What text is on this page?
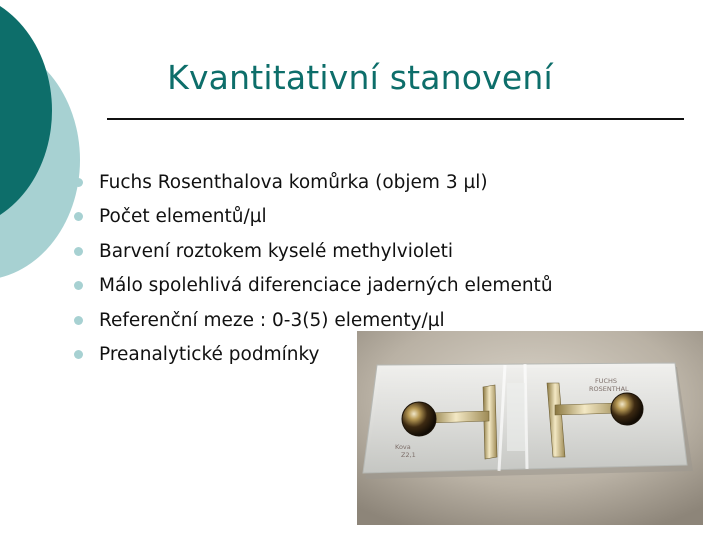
Kvantitativní stanovení
Fuchs Rosenthalova komůrka (objem 3 µl)
Počet elementů/µl
Barvení roztokem kyselé methylvioleti
Málo spolehlivá diferenciace jaderných elementů
Referenční meze : 0-3(5) elementy/µl
Preanalytické podmínky
FUCHS ROSENTHAL
Kova Z2,1
